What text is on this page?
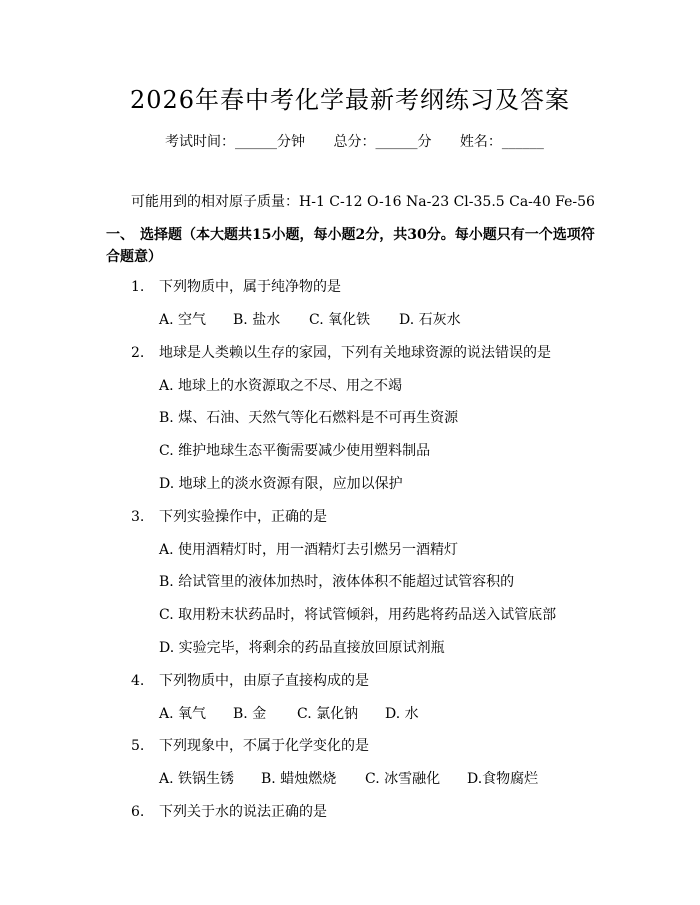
2026年春中考化学最新考纲练习及答案
考试时间：______分钟 总分：______分 姓名：______
可能用到的相对原子质量：H-1 C-12 O-16 Na-23 Cl-35.5 Ca-40 Fe-56
一、 选择题（本大题共15小题，每小题2分，共30分。每小题只有一个选项符合题意）
1. 下列物质中，属于纯净物的是
A. 空气 B. 盐水 C. 氧化铁 D. 石灰水
2. 地球是人类赖以生存的家园，下列有关地球资源的说法错误的是
A. 地球上的水资源取之不尽、用之不竭
B. 煤、石油、天然气等化石燃料是不可再生资源
C. 维护地球生态平衡需要减少使用塑料制品
D. 地球上的淡水资源有限，应加以保护
3. 下列实验操作中，正确的是
A. 使用酒精灯时，用一酒精灯去引燃另一酒精灯
B. 给试管里的液体加热时，液体体积不能超过试管容积的
C. 取用粉末状药品时，将试管倾斜，用药匙将药品送入试管底部
D. 实验完毕，将剩余的药品直接放回原试剂瓶
4. 下列物质中，由原子直接构成的是
A. 氧气 B. 金 C. 氯化钠 D. 水
5. 下列现象中，不属于化学变化的是
A. 铁锅生锈 B. 蜡烛燃烧 C. 冰雪融化 D.食物腐烂
6. 下列关于水的说法正确的是
